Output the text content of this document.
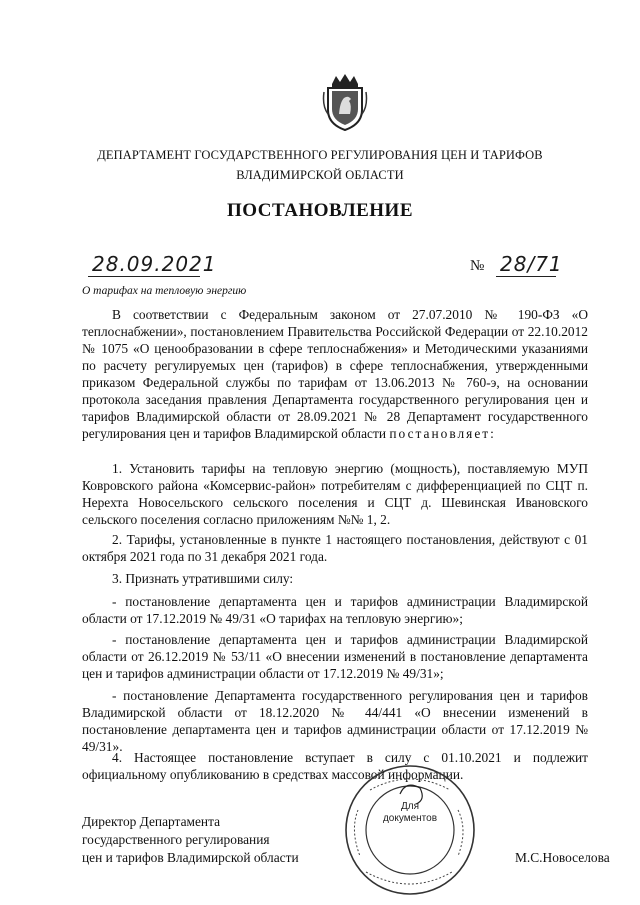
ДЕПАРТАМЕНТ ГОСУДАРСТВЕННОГО РЕГУЛИРОВАНИЯ ЦЕН И ТАРИФОВ
ВЛАДИМИРСКОЙ ОБЛАСТИ
ПОСТАНОВЛЕНИЕ
28.09.2021	№ 28/71
О тарифах на тепловую энергию
В соответствии с Федеральным законом от 27.07.2010 № 190-ФЗ «О теплоснабжении», постановлением Правительства Российской Федерации от 22.10.2012 № 1075 «О ценообразовании в сфере теплоснабжения» и Методическими указаниями по расчету регулируемых цен (тарифов) в сфере теплоснабжения, утвержденными приказом Федеральной службы по тарифам от 13.06.2013 № 760-э, на основании протокола заседания правления Департамента государственного регулирования цен и тарифов Владимирской области от 28.09.2021 № 28 Департамент государственного регулирования цен и тарифов Владимирской области постановляет:
1. Установить тарифы на тепловую энергию (мощность), поставляемую МУП Ковровского района «Комсервис-район» потребителям с дифференциацией по СЦТ п. Нерехта Новосельского сельского поселения и СЦТ д. Шевинская Ивановского сельского поселения согласно приложениям №№ 1, 2.
2. Тарифы, установленные в пункте 1 настоящего постановления, действуют с 01 октября 2021 года по 31 декабря 2021 года.
3. Признать утратившими силу:
- постановление департамента цен и тарифов администрации Владимирской области от 17.12.2019 № 49/31 «О тарифах на тепловую энергию»;
- постановление департамента цен и тарифов администрации Владимирской области от 26.12.2019 № 53/11 «О внесении изменений в постановление департамента цен и тарифов администрации области от 17.12.2019 № 49/31»;
- постановление Департамента государственного регулирования цен и тарифов Владимирской области от 18.12.2020 № 44/441 «О внесении изменений в постановление департамента цен и тарифов администрации области от 17.12.2019 № 49/31».
4. Настоящее постановление вступает в силу с 01.10.2021 и подлежит официальному опубликованию в средствах массовой информации.
Директор Департамента
государственного регулирования
цен и тарифов Владимирской области	М.С.Новоселова
Для
документов
